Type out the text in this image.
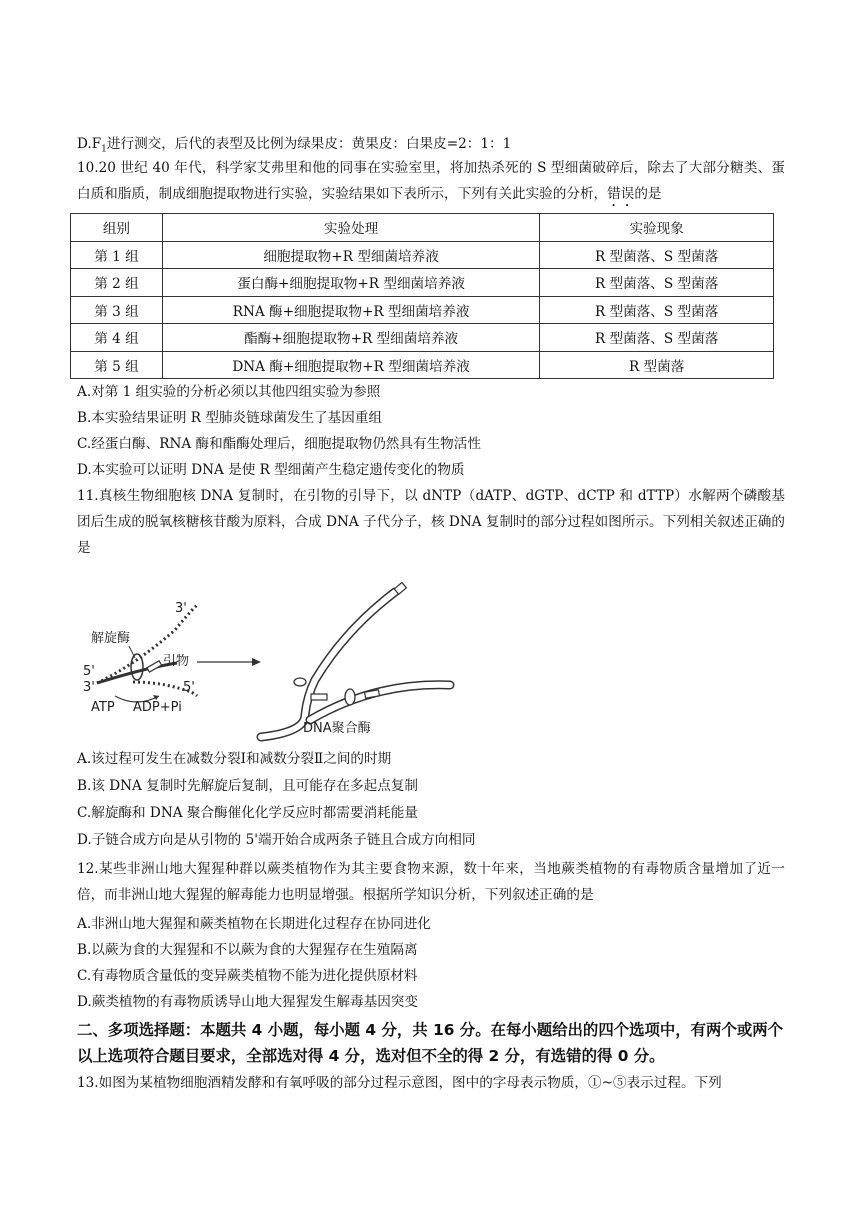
$D.F_1$进行测交，后代的表型及比例为绿果皮：黄果皮：白果皮=2：1：1
10.20 世纪 40 年代，科学家艾弗里和他的同事在实验室里，将加热杀死的 S 型细菌破碎后，除去了大部分糖类、蛋白质和脂质，制成细胞提取物进行实验，实验结果如下表所示，下列有关此实验的分析，错误的是
组别	实验处理	实验现象
第 1 组	细胞提取物+R 型细菌培养液	R 型菌落、S 型菌落
第 2 组	蛋白酶+细胞提取物+R 型细菌培养液	R 型菌落、S 型菌落
第 3 组	RNA 酶+细胞提取物+R 型细菌培养液	R 型菌落、S 型菌落
第 4 组	酯酶+细胞提取物+R 型细菌培养液	R 型菌落、S 型菌落
第 5 组	DNA 酶+细胞提取物+R 型细菌培养液	R 型菌落
A.对第 1 组实验的分析必须以其他四组实验为参照
B.本实验结果证明 R 型肺炎链球菌发生了基因重组
C.经蛋白酶、RNA 酶和酯酶处理后，细胞提取物仍然具有生物活性
D.本实验可以证明 DNA 是使 R 型细菌产生稳定遗传变化的物质
11.真核生物细胞核 DNA 复制时，在引物的引导下，以 dNTP（dATP、dGTP、dCTP 和 dTTP）水解两个磷酸基团后生成的脱氧核糖核苷酸为原料，合成 DNA 子代分子，核 DNA 复制时的部分过程如图所示。下列相关叙述正确的是
解旋酶
引物
3'
5'
3'	5'
ATP ADP+Pi
DNA聚合酶
A.该过程可发生在减数分裂Ⅰ和减数分裂Ⅱ之间的时期
B.该 DNA 复制时先解旋后复制，且可能存在多起点复制
C.解旋酶和 DNA 聚合酶催化化学反应时都需要消耗能量
D.子链合成方向是从引物的 5'端开始合成两条子链且合成方向相同
12.某些非洲山地大猩猩种群以蕨类植物作为其主要食物来源，数十年来，当地蕨类植物的有毒物质含量增加了近一倍，而非洲山地大猩猩的解毒能力也明显增强。根据所学知识分析，下列叙述正确的是
A.非洲山地大猩猩和蕨类植物在长期进化过程存在协同进化
B.以蕨为食的大猩猩和不以蕨为食的大猩猩存在生殖隔离
C.有毒物质含量低的变异蕨类植物不能为进化提供原材料
D.蕨类植物的有毒物质诱导山地大猩猩发生解毒基因突变
二、多项选择题：本题共 4 小题，每小题 4 分，共 16 分。在每小题给出的四个选项中，有两个或两个以上选项符合题目要求，全部选对得 4 分，选对但不全的得 2 分，有选错的得 0 分。
13.如图为某植物细胞酒精发酵和有氧呼吸的部分过程示意图，图中的字母表示物质，①~⑤表示过程。下列
